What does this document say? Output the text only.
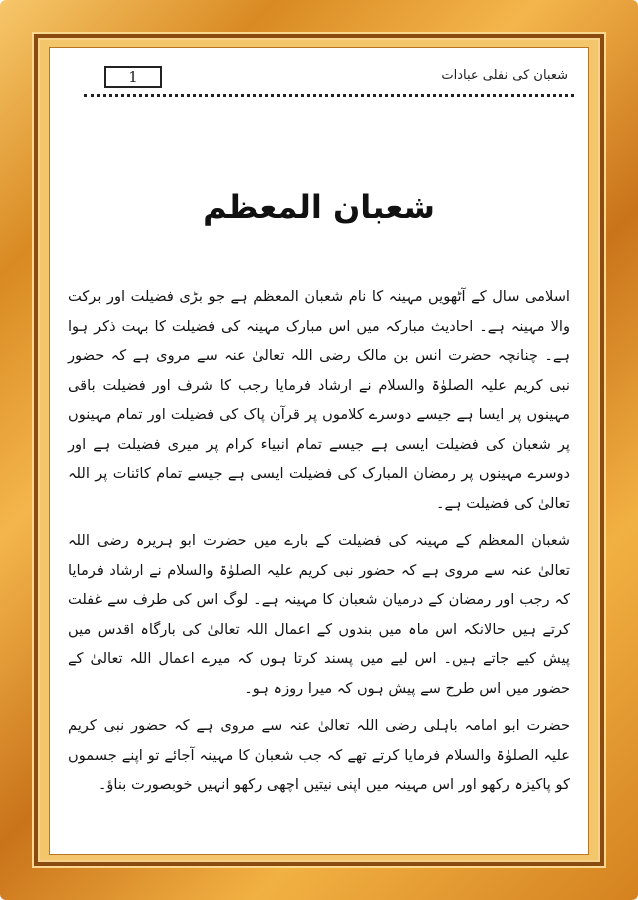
1	شعبان کی نفلی عبادات
شعبان المعظم

اسلامی سال کے آٹھویں مہینہ کا نام شعبان المعظم ہے جو بڑی فضیلت اور برکت والا مہینہ ہے۔ احادیث مبارکہ میں اس مبارک مہینہ کی فضیلت کا بہت ذکر ہوا ہے۔ چنانچہ حضرت انس بن مالک رضی اللہ تعالیٰ عنہ سے مروی ہے کہ حضور نبی کریم علیہ الصلوٰۃ والسلام نے ارشاد فرمایا رجب کا شرف اور فضیلت باقی مہینوں پر ایسا ہے جیسے دوسرے کلاموں پر قرآن پاک کی فضیلت اور تمام مہینوں پر شعبان کی فضیلت ایسی ہے جیسے تمام انبیاء کرام پر میری فضیلت ہے اور دوسرے مہینوں پر رمضان المبارک کی فضیلت ایسی ہے جیسے تمام کائنات پر اللہ تعالیٰ کی فضیلت ہے۔

شعبان المعظم کے مہینہ کی فضیلت کے بارے میں حضرت ابو ہریرہ رضی اللہ تعالیٰ عنہ سے مروی ہے کہ حضور نبی کریم علیہ الصلوٰۃ والسلام نے ارشاد فرمایا کہ رجب اور رمضان کے درمیان شعبان کا مہینہ ہے۔ لوگ اس کی طرف سے غفلت کرتے ہیں حالانکہ اس ماہ میں بندوں کے اعمال اللہ تعالیٰ کی بارگاہ اقدس میں پیش کیے جاتے ہیں۔ اس لیے میں پسند کرتا ہوں کہ میرے اعمال اللہ تعالیٰ کے حضور میں اس طرح سے پیش ہوں کہ میرا روزہ ہو۔

حضرت ابو امامہ باہلی رضی اللہ تعالیٰ عنہ سے مروی ہے کہ حضور نبی کریم علیہ الصلوٰۃ والسلام فرمایا کرتے تھے کہ جب شعبان کا مہینہ آجائے تو اپنے جسموں کو پاکیزہ رکھو اور اس مہینہ میں اپنی نیتیں اچھی رکھو انہیں خوبصورت بناؤ۔
